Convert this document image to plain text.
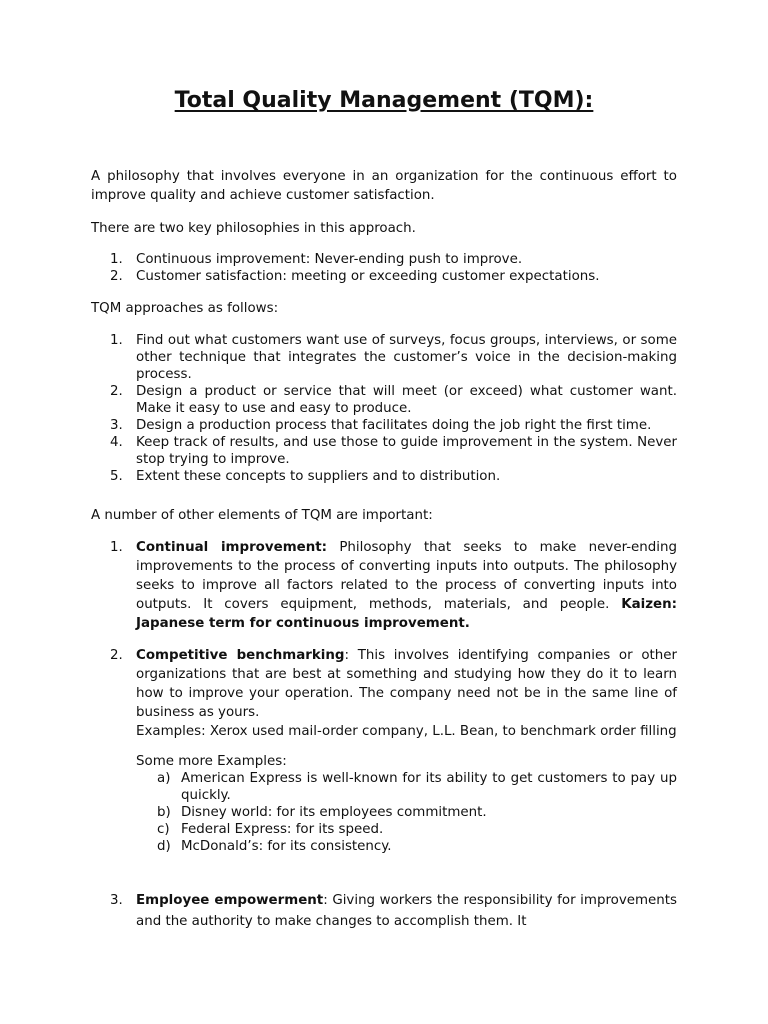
Total Quality Management (TQM):
A philosophy that involves everyone in an organization for the continuous effort to improve quality and achieve customer satisfaction.
There are two key philosophies in this approach.
1. Continuous improvement: Never-ending push to improve.
2. Customer satisfaction: meeting or exceeding customer expectations.
TQM approaches as follows:
1. Find out what customers want use of surveys, focus groups, interviews, or some other technique that integrates the customer’s voice in the decision-making process.
2. Design a product or service that will meet (or exceed) what customer want. Make it easy to use and easy to produce.
3. Design a production process that facilitates doing the job right the first time.
4. Keep track of results, and use those to guide improvement in the system. Never stop trying to improve.
5. Extent these concepts to suppliers and to distribution.
A number of other elements of TQM are important:
1. Continual improvement: Philosophy that seeks to make never-ending improvements to the process of converting inputs into outputs. The philosophy seeks to improve all factors related to the process of converting inputs into outputs. It covers equipment, methods, materials, and people. Kaizen: Japanese term for continuous improvement.
2. Competitive benchmarking: This involves identifying companies or other organizations that are best at something and studying how they do it to learn how to improve your operation. The company need not be in the same line of business as yours.
Examples: Xerox used mail-order company, L.L. Bean, to benchmark order filling
Some more Examples:
a) American Express is well-known for its ability to get customers to pay up quickly.
b) Disney world: for its employees commitment.
c) Federal Express: for its speed.
d) McDonald’s: for its consistency.
3. Employee empowerment: Giving workers the responsibility for improvements and the authority to make changes to accomplish them. It
